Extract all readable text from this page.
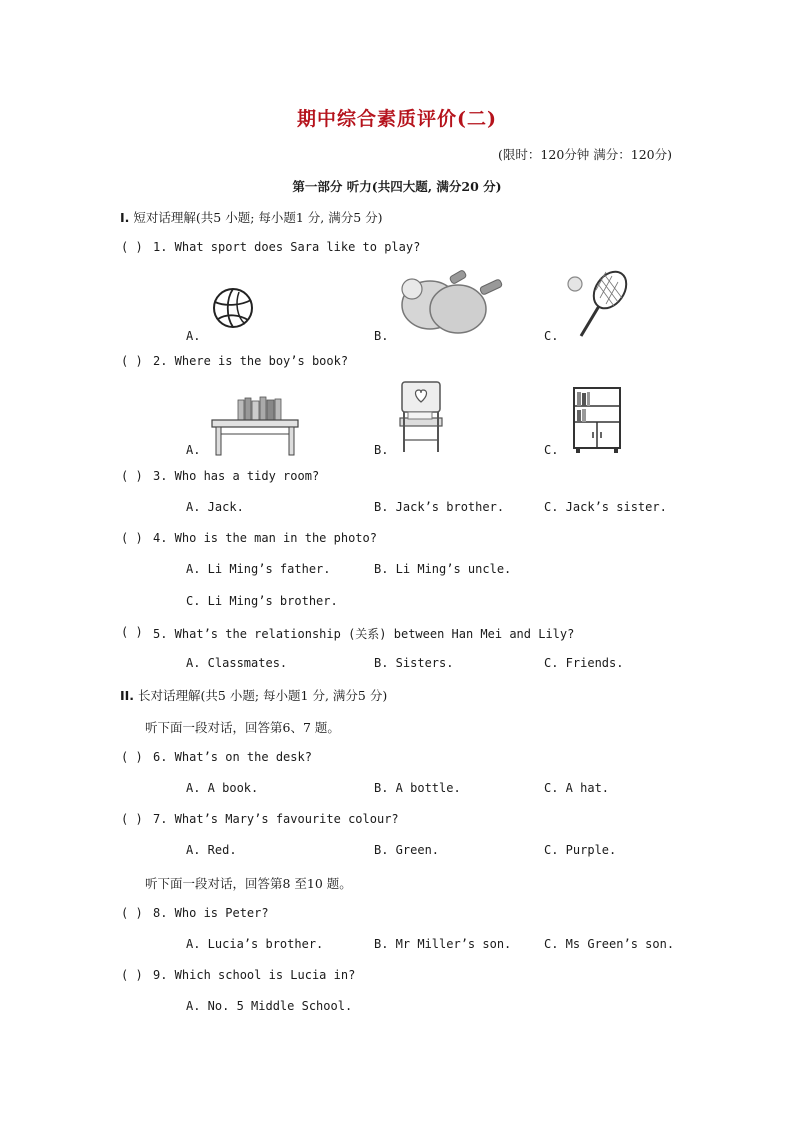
期中综合素质评价(二)
(限时：120分钟 满分：120分)
第一部分 听力(共四大题, 满分20 分)
I. 短对话理解(共5 小题; 每小题1 分, 满分5 分)
( ) 1. What sport does Sara like to play?
A.	B.	C.
( ) 2. Where is the boy’s book?
A.	B.	C.
( ) 3. Who has a tidy room?
A. Jack.	B. Jack’s brother.	C. Jack’s sister.
( ) 4. Who is the man in the photo?
A. Li Ming’s father.	B. Li Ming’s uncle.
C. Li Ming’s brother.
( ) 5. What’s the relationship (关系) between Han Mei and Lily?
A. Classmates.	B. Sisters.	C. Friends.
II. 长对话理解(共5 小题; 每小题1 分, 满分5 分)
听下面一段对话，回答第6、7 题。
( ) 6. What’s on the desk?
A. A book.	B. A bottle.	C. A hat.
( ) 7. What’s Mary’s favourite colour?
A. Red.	B. Green.	C. Purple.
听下面一段对话，回答第8 至10 题。
( ) 8. Who is Peter?
A. Lucia’s brother.	B. Mr Miller’s son.	C. Ms Green’s son.
( ) 9. Which school is Lucia in?
A. No. 5 Middle School.
